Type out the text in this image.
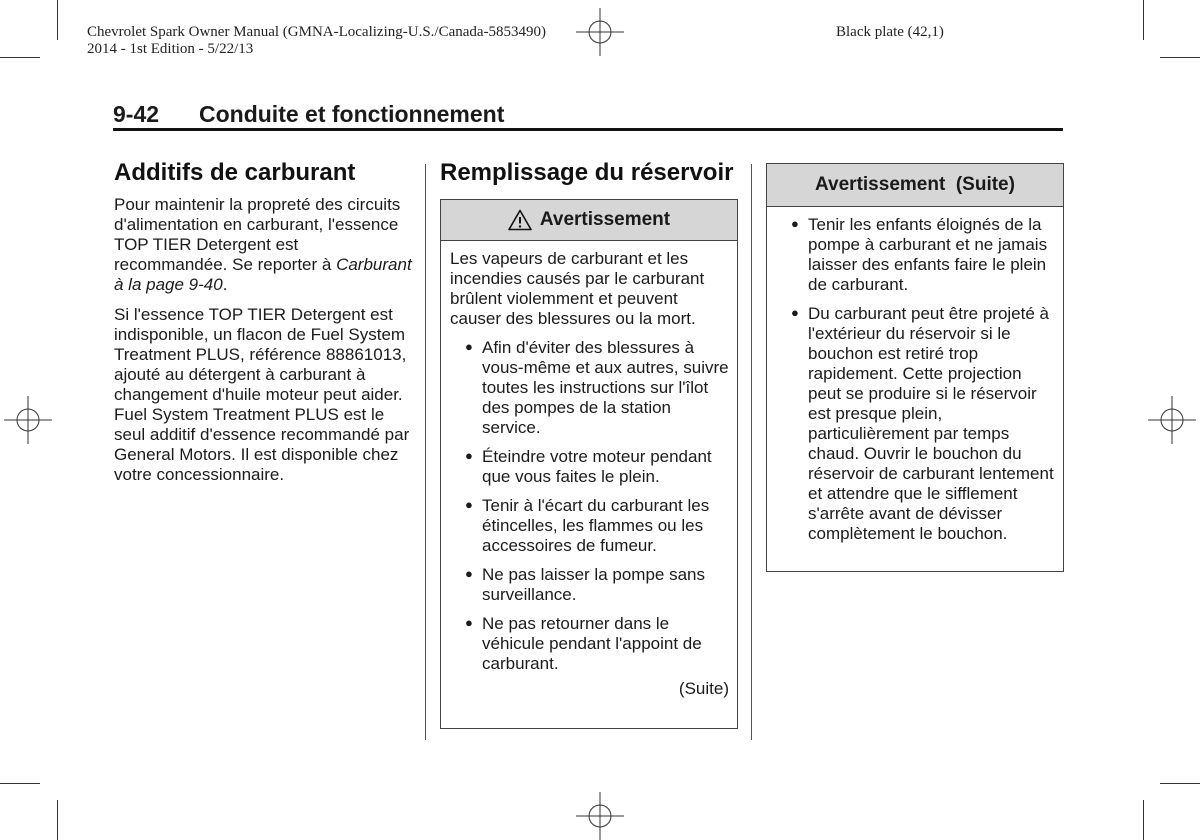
Chevrolet Spark Owner Manual (GMNA-Localizing-U.S./Canada-5853490)
2014 - 1st Edition - 5/22/13
Black plate (42,1)
9-42 Conduite et fonctionnement
Additifs de carburant

Pour maintenir la propreté des circuits d'alimentation en carburant, l'essence TOP TIER Detergent est recommandée. Se reporter à Carburant à la page 9-40.

Si l'essence TOP TIER Detergent est indisponible, un flacon de Fuel System Treatment PLUS, référence 88861013, ajouté au détergent à carburant à changement d'huile moteur peut aider. Fuel System Treatment PLUS est le seul additif d'essence recommandé par General Motors. Il est disponible chez votre concessionnaire.

Remplissage du réservoir
Avertissement

Les vapeurs de carburant et les incendies causés par le carburant brûlent violemment et peuvent causer des blessures ou la mort.

● Afin d'éviter des blessures à vous-même et aux autres, suivre toutes les instructions sur l'îlot des pompes de la station service.
● Éteindre votre moteur pendant que vous faites le plein.
● Tenir à l'écart du carburant les étincelles, les flammes ou les accessoires de fumeur.
● Ne pas laisser la pompe sans surveillance.
● Ne pas retourner dans le véhicule pendant l'appoint de carburant.
(Suite)
Avertissement  (Suite)
● Tenir les enfants éloignés de la pompe à carburant et ne jamais laisser des enfants faire le plein de carburant.
● Du carburant peut être projeté à l'extérieur du réservoir si le bouchon est retiré trop rapidement. Cette projection peut se produire si le réservoir est presque plein, particulièrement par temps chaud. Ouvrir le bouchon du réservoir de carburant lentement et attendre que le sifflement s'arrête avant de dévisser complètement le bouchon.
